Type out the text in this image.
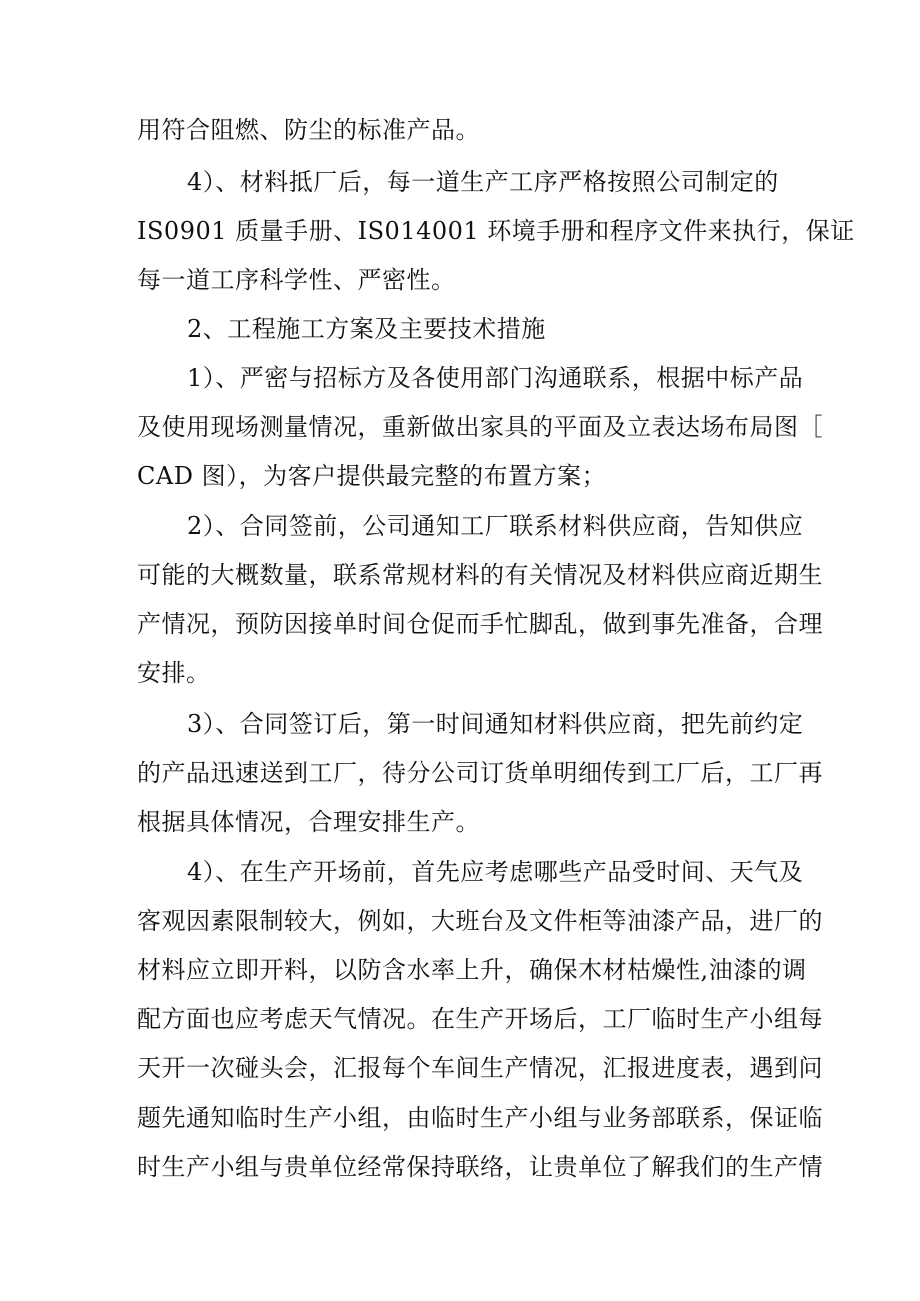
用符合阻燃、防尘的标准产品。
4）、材料抵厂后，每一道生产工序严格按照公司制定的
IS0901 质量手册、IS014001 环境手册和程序文件来执行，保证
每一道工序科学性、严密性。
2、工程施工方案及主要技术措施
1）、严密与招标方及各使用部门沟通联系，根据中标产品
及使用现场测量情况，重新做出家具的平面及立表达场布局图［
CAD 图），为客户提供最完整的布置方案；
2）、合同签前，公司通知工厂联系材料供应商，告知供应
可能的大概数量，联系常规材料的有关情况及材料供应商近期生
产情况，预防因接单时间仓促而手忙脚乱，做到事先准备，合理
安排。
3）、合同签订后，第一时间通知材料供应商，把先前约定
的产品迅速送到工厂，待分公司订货单明细传到工厂后，工厂再
根据具体情况，合理安排生产。
4）、在生产开场前，首先应考虑哪些产品受时间、天气及
客观因素限制较大，例如，大班台及文件柜等油漆产品，进厂的
材料应立即开料，以防含水率上升，确保木材枯燥性,油漆的调
配方面也应考虑天气情况。在生产开场后，工厂临时生产小组每
天开一次碰头会，汇报每个车间生产情况，汇报进度表，遇到问
题先通知临时生产小组，由临时生产小组与业务部联系，保证临
时生产小组与贵单位经常保持联络，让贵单位了解我们的生产情
